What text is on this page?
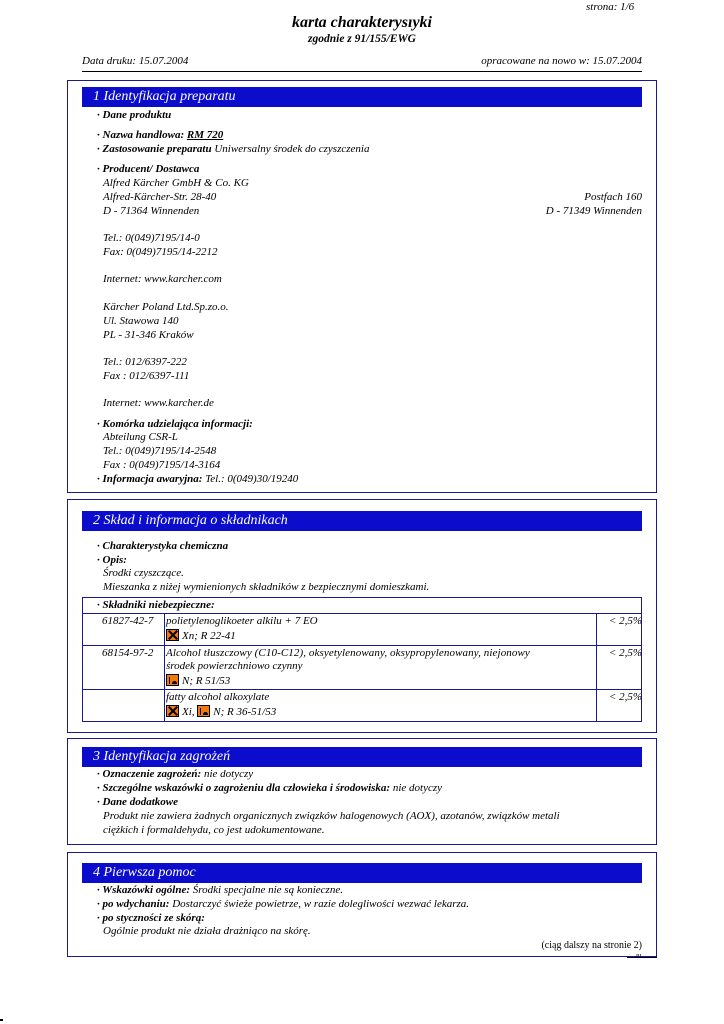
strona: 1/6
karta charakterysıyki
zgodnie z 91/155/EWG
Data druku: 15.07.2004	opracowane na nowo w: 15.07.2004
1 Identyfikacja preparatu
· Dane produktu
· Nazwa handlowa: RM 720
· Zastosowanie preparatu Uniwersalny środek do czyszczenia
· Producent/ Dostawca
Alfred Kärcher GmbH & Co. KG
Alfred-Kärcher-Str. 28-40	Postfach 160
D - 71364 Winnenden	D - 71349 Winnenden
Tel.: 0(049)7195/14-0
Fax: 0(049)7195/14-2212
Internet: www.karcher.com
Kärcher Poland Ltd.Sp.zo.o.
Ul. Stawowa 140
PL - 31-346 Kraków
Tel.: 012/6397-222
Fax : 012/6397-111
Internet: www.karcher.de
· Komórka udzielająca informacji:
Abteilung CSR-L
Tel.: 0(049)7195/14-2548
Fax : 0(049)7195/14-3164
· Informacja awaryjna: Tel.: 0(049)30/19240
2 Skład i informacja o składnikach
· Charakterystyka chemiczna
· Opis:
Środki czyszczące.
Mieszanka z niżej wymienionych składników z bezpiecznymi domieszkami.
· Składniki niebezpieczne:
61827-42-7 polietylenoglikoeter alkilu + 7 EO
Xn; R 22-41
< 2,5%
68154-97-2 Alcohol tłuszczowy (C10-C12), oksyetylenowany, oksypropylenowany, niejonowy
środek powierzchniowo czynny
N; R 51/53
< 2,5%
fatty alcohol alkoxylate
Xi, N; R 36-51/53
< 2,5%
3 Identyfikacja zagrożeń
· Oznaczenie zagrożeń: nie dotyczy
· Szczególne wskazówki o zagrożeniu dla człowieka i środowiska: nie dotyczy
· Dane dodatkowe
Produkt nie zawiera żadnych organicznych związków halogenowych (AOX), azotanów, związków metali
ciężkich i formaldehydu, co jest udokumentowane.
4 Pierwsza pomoc
· Wskazówki ogólne: Środki specjalne nie są konieczne.
· po wdychaniu: Dostarczyć świeże powietrze, w razie dolegliwości wezwać lekarza.
· po styczności ze skórą:
Ogólnie produkt nie działa drażniąco na skórę.
(ciąg dalszy na stronie 2)
PL
